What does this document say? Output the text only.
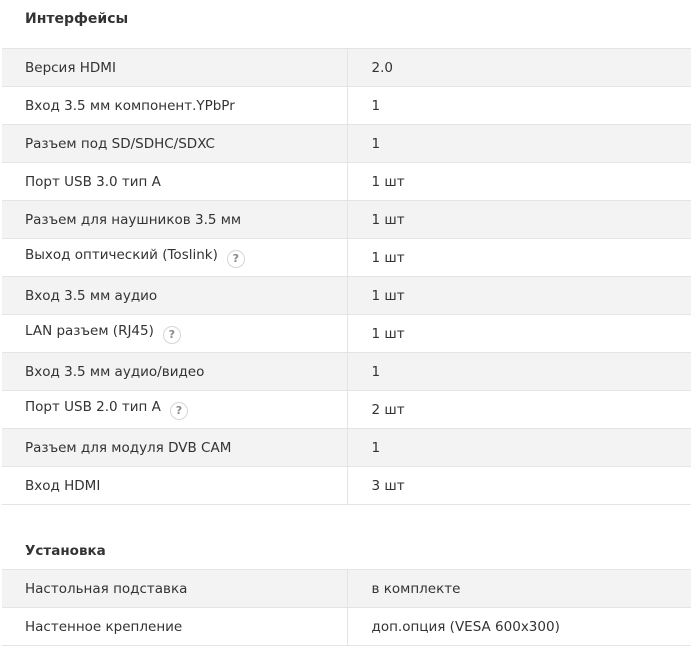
Интерфейсы
Версия HDMI	2.0
Вход 3.5 мм компонент.YPbPr	1
Разъем под SD/SDHC/SDXC	1
Порт USB 3.0 тип A	1 шт
Разъем для наушников 3.5 мм	1 шт
Выход оптический (Toslink) ?	1 шт
Вход 3.5 мм аудио	1 шт
LAN разъем (RJ45) ?	1 шт
Вход 3.5 мм аудио/видео	1
Порт USB 2.0 тип A ?	2 шт
Разъем для модуля DVB CAM	1
Вход HDMI	3 шт
Установка
Настольная подставка	в комплекте
Настенное крепление	доп.опция (VESA 600x300)
